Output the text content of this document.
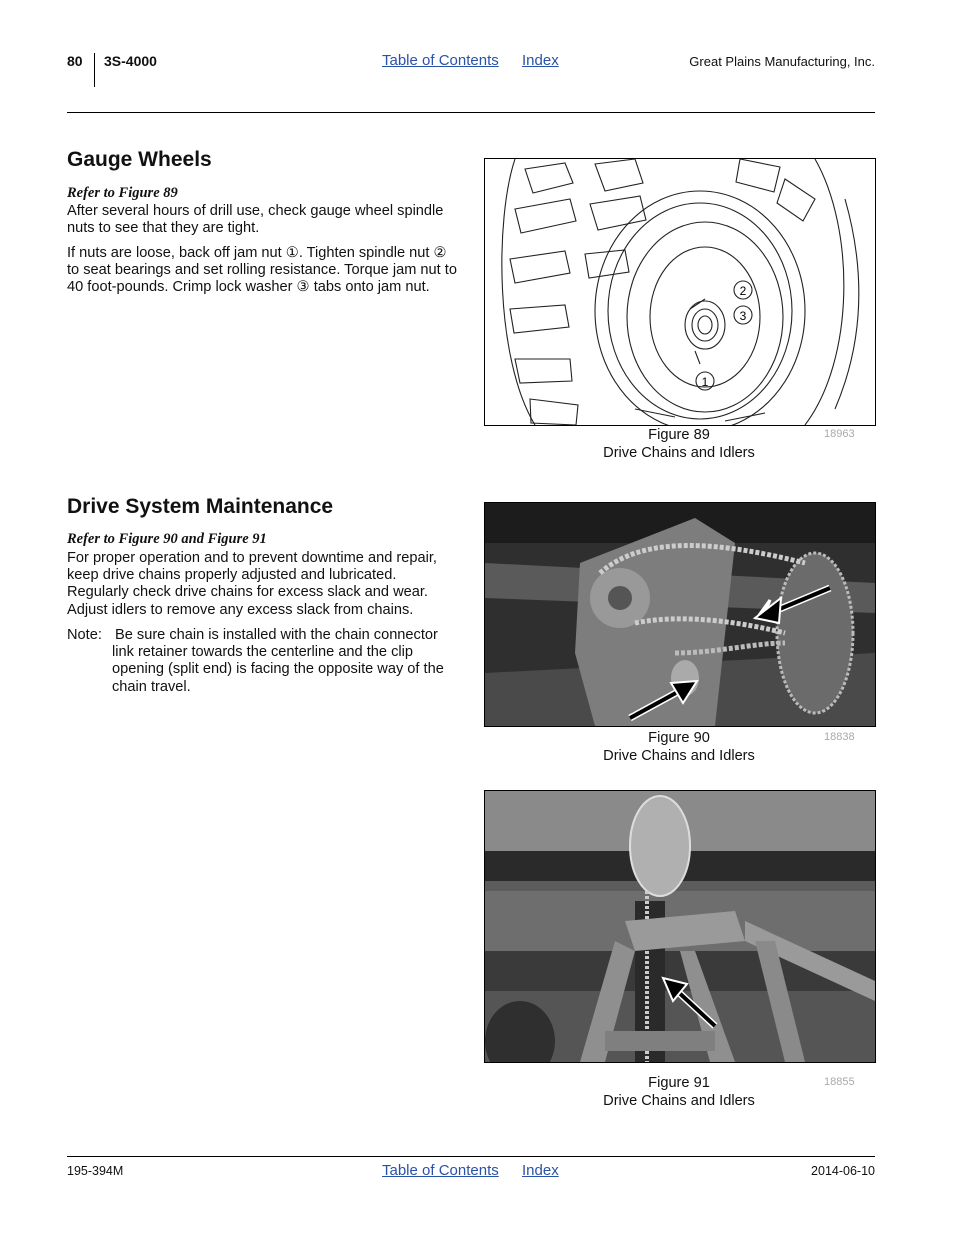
80 3S-4000	Table of Contents Index	Great Plains Manufacturing, Inc.
Gauge Wheels
Refer to Figure 89
After several hours of drill use, check gauge wheel spindle nuts to see that they are tight.
If nuts are loose, back off jam nut ①. Tighten spindle nut ② to seat bearings and set rolling resistance. Torque jam nut to 40 foot-pounds. Crimp lock washer ③ tabs onto jam nut.
1
2
3
Figure 89
Drive Chains and Idlers
18963
Drive System Maintenance
Refer to Figure 90 and Figure 91
For proper operation and to prevent downtime and repair, keep drive chains properly adjusted and lubricated. Regularly check drive chains for excess slack and wear. Adjust idlers to remove any excess slack from chains.
Note: Be sure chain is installed with the chain connector link retainer towards the centerline and the clip opening (split end) is facing the opposite way of the chain travel.
Figure 90
Drive Chains and Idlers
18838
Figure 91
Drive Chains and Idlers
18855
195-394M	Table of Contents Index	2014-06-10
